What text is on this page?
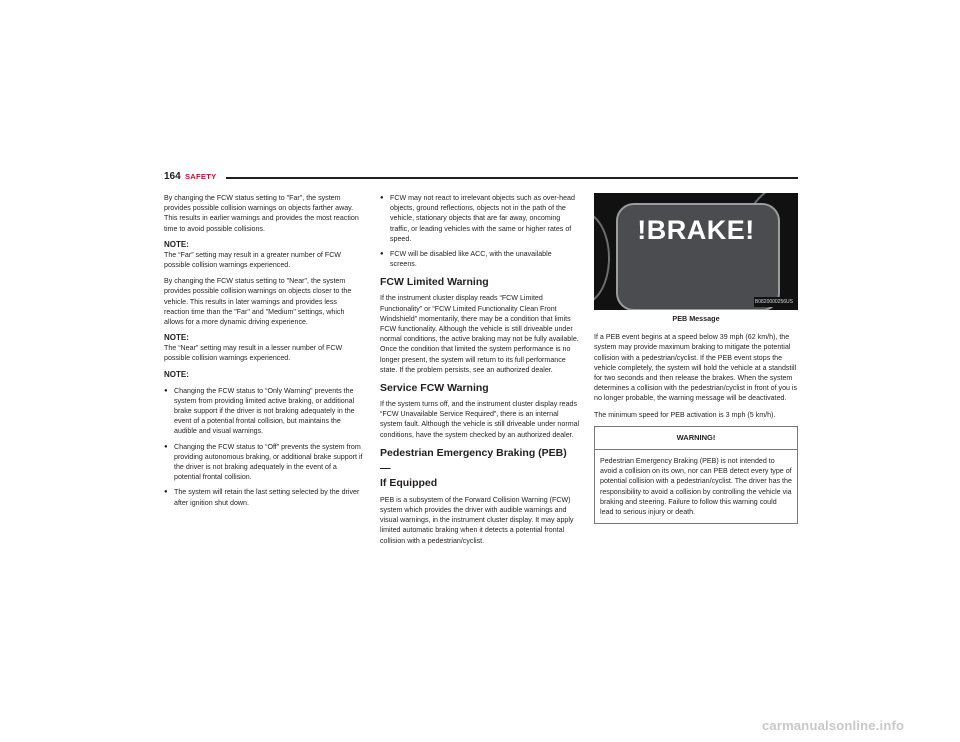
164 SAFETY

By changing the FCW status setting to "Far", the system provides possible collision warnings on objects farther away. This results in earlier warnings and provides the most reaction time to avoid possible collisions.

NOTE:

The “Far” setting may result in a greater number of FCW possible collision warnings experienced.

By changing the FCW status setting to "Near", the system provides possible collision warnings on objects closer to the vehicle. This results in later warnings and provides less reaction time than the "Far" and "Medium" settings, which allows for a more dynamic driving experience.

NOTE:

The “Near” setting may result in a lesser number of FCW possible collision warnings experienced.

NOTE:
● Changing the FCW status to “Only Warning” prevents the system from providing limited active braking, or additional brake support if the driver is not braking adequately in the event of a potential frontal collision, but maintains the audible and visual warnings.
● Changing the FCW status to “Off” prevents the system from providing autonomous braking, or additional brake support if the driver is not braking adequately in the event of a potential frontal collision.
● The system will retain the last setting selected by the driver after ignition shut down.
● FCW may not react to irrelevant objects such as over-head objects, ground reflections, objects not in the path of the vehicle, stationary objects that are far away, oncoming traffic, or leading vehicles with the same or higher rates of speed.
● FCW will be disabled like ACC, with the unavailable screens.
FCW Limited Warning

If the instrument cluster display reads “FCW Limited Functionality” or “FCW Limited Functionality Clean Front Windshield” momentarily, there may be a condition that limits FCW functionality. Although the vehicle is still driveable under normal conditions, the active braking may not be fully available. Once the condition that limited the system performance is no longer present, the system will return to its full performance state. If the problem persists, see an authorized dealer.

Service FCW Warning

If the system turns off, and the instrument cluster display reads “FCW Unavailable Service Required”, there is an internal system fault. Although the vehicle is still driveable under normal conditions, have the system checked by an authorized dealer.

Pedestrian Emergency Braking (PEB) —
If Equipped

PEB is a subsystem of the Forward Collision Warning (FCW) system which provides the driver with audible warnings and visual warnings, in the instrument cluster display. It may apply limited automatic braking when it detects a potential frontal collision with a pedestrian/cyclist.

!BRAKE!
B0820000256US
PEB Message

If a PEB event begins at a speed below 39 mph (62 km/h), the system may provide maximum braking to mitigate the potential collision with a pedestrian/cyclist. If the PEB event stops the vehicle completely, the system will hold the vehicle at a standstill for two seconds and then release the brakes. When the system determines a collision with the pedestrian/cyclist in front of you is no longer probable, the warning message will be deactivated.

The minimum speed for PEB activation is 3 mph (5 km/h).

WARNING!

Pedestrian Emergency Braking (PEB) is not intended to avoid a collision on its own, nor can PEB detect every type of potential collision with a pedestrian/cyclist. The driver has the responsibility to avoid a collision by controlling the vehicle via braking and steering. Failure to follow this warning could lead to serious injury or death.

carmanualsonline.info
